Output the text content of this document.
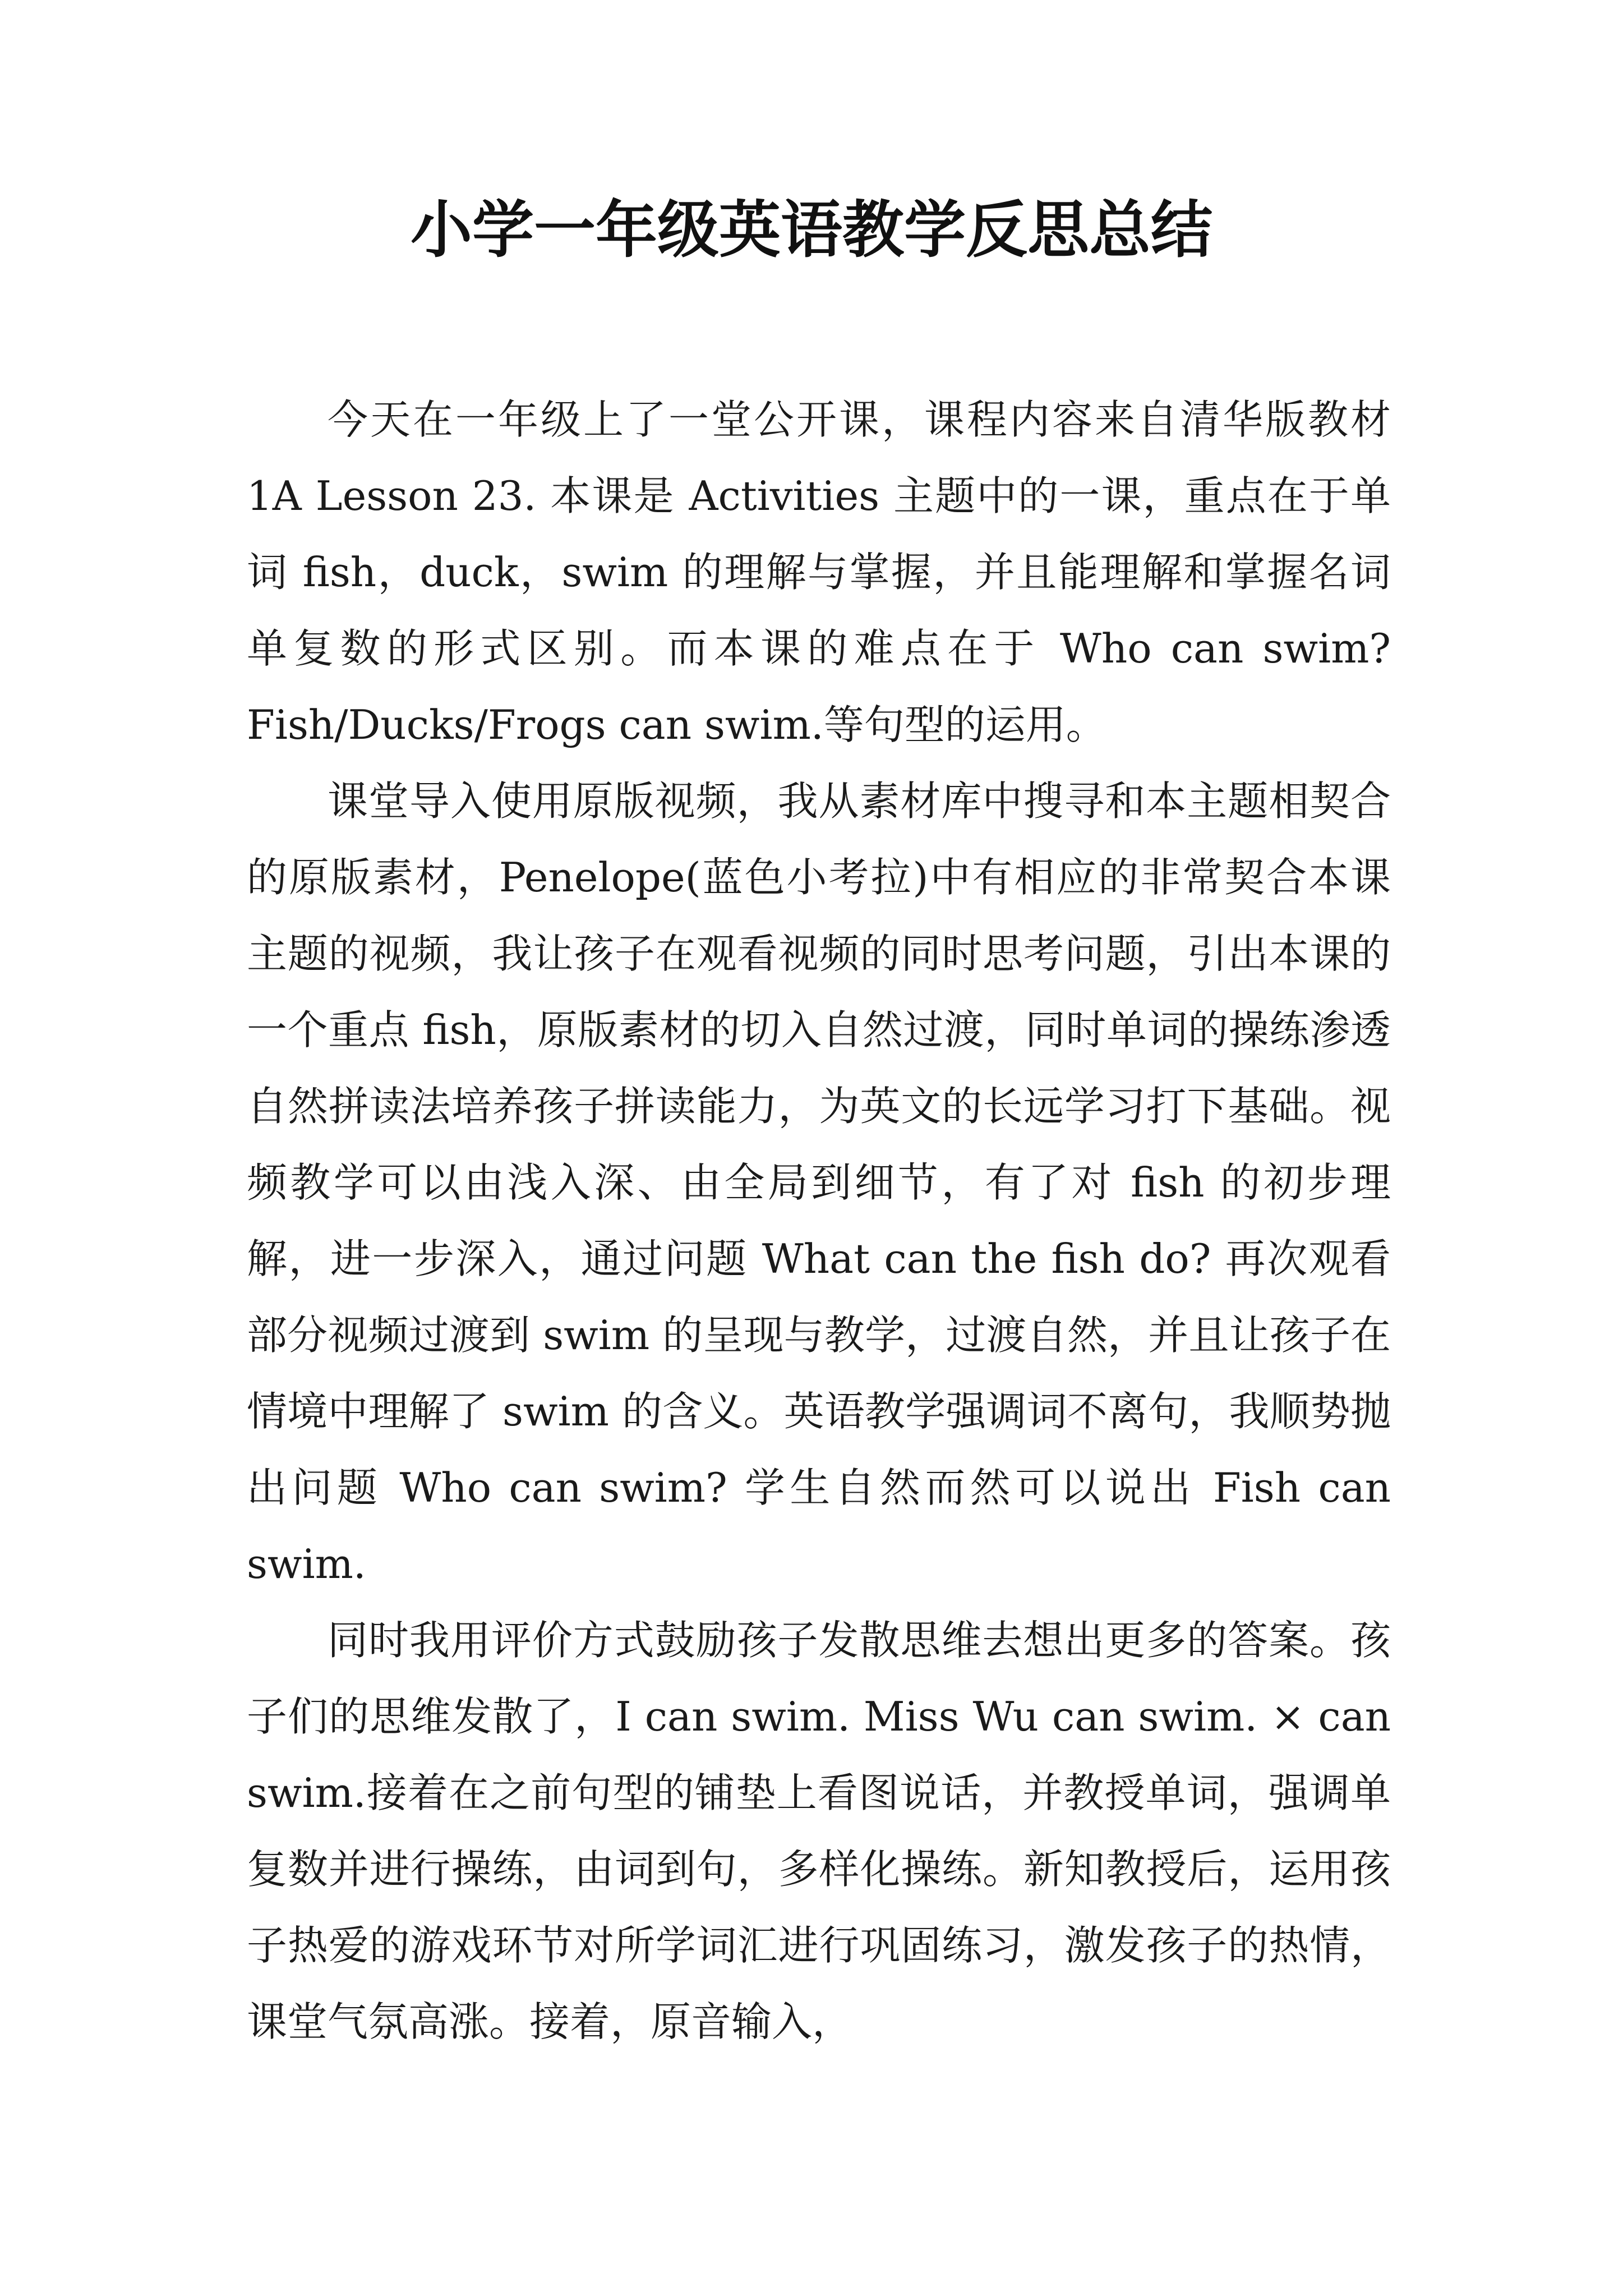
小学一年级英语教学反思总结

今天在一年级上了一堂公开课，课程内容来自清华版教材 1A Lesson 23. 本课是 Activities 主题中的一课，重点在于单词 fish，duck，swim 的理解与掌握，并且能理解和掌握名词单复数的形式区别。而本课的难点在于 Who can swim? Fish/Ducks/Frogs can swim.等句型的运用。

课堂导入使用原版视频，我从素材库中搜寻和本主题相契合的原版素材，Penelope(蓝色小考拉)中有相应的非常契合本课主题的视频，我让孩子在观看视频的同时思考问题，引出本课的一个重点 fish，原版素材的切入自然过渡，同时单词的操练渗透自然拼读法培养孩子拼读能力，为英文的长远学习打下基础。视频教学可以由浅入深、由全局到细节，有了对 fish 的初步理解，进一步深入，通过问题 What can the fish do? 再次观看部分视频过渡到 swim 的呈现与教学，过渡自然，并且让孩子在情境中理解了 swim 的含义。英语教学强调词不离句，我顺势抛出问题 Who can swim? 学生自然而然可以说出 Fish can swim.

同时我用评价方式鼓励孩子发散思维去想出更多的答案。孩子们的思维发散了，I can swim. Miss Wu can swim. × can swim.接着在之前句型的铺垫上看图说话，并教授单词，强调单复数并进行操练，由词到句，多样化操练。新知教授后，运用孩子热爱的游戏环节对所学词汇进行巩固练习，激发孩子的热情，课堂气氛高涨。接着，原音输入，
